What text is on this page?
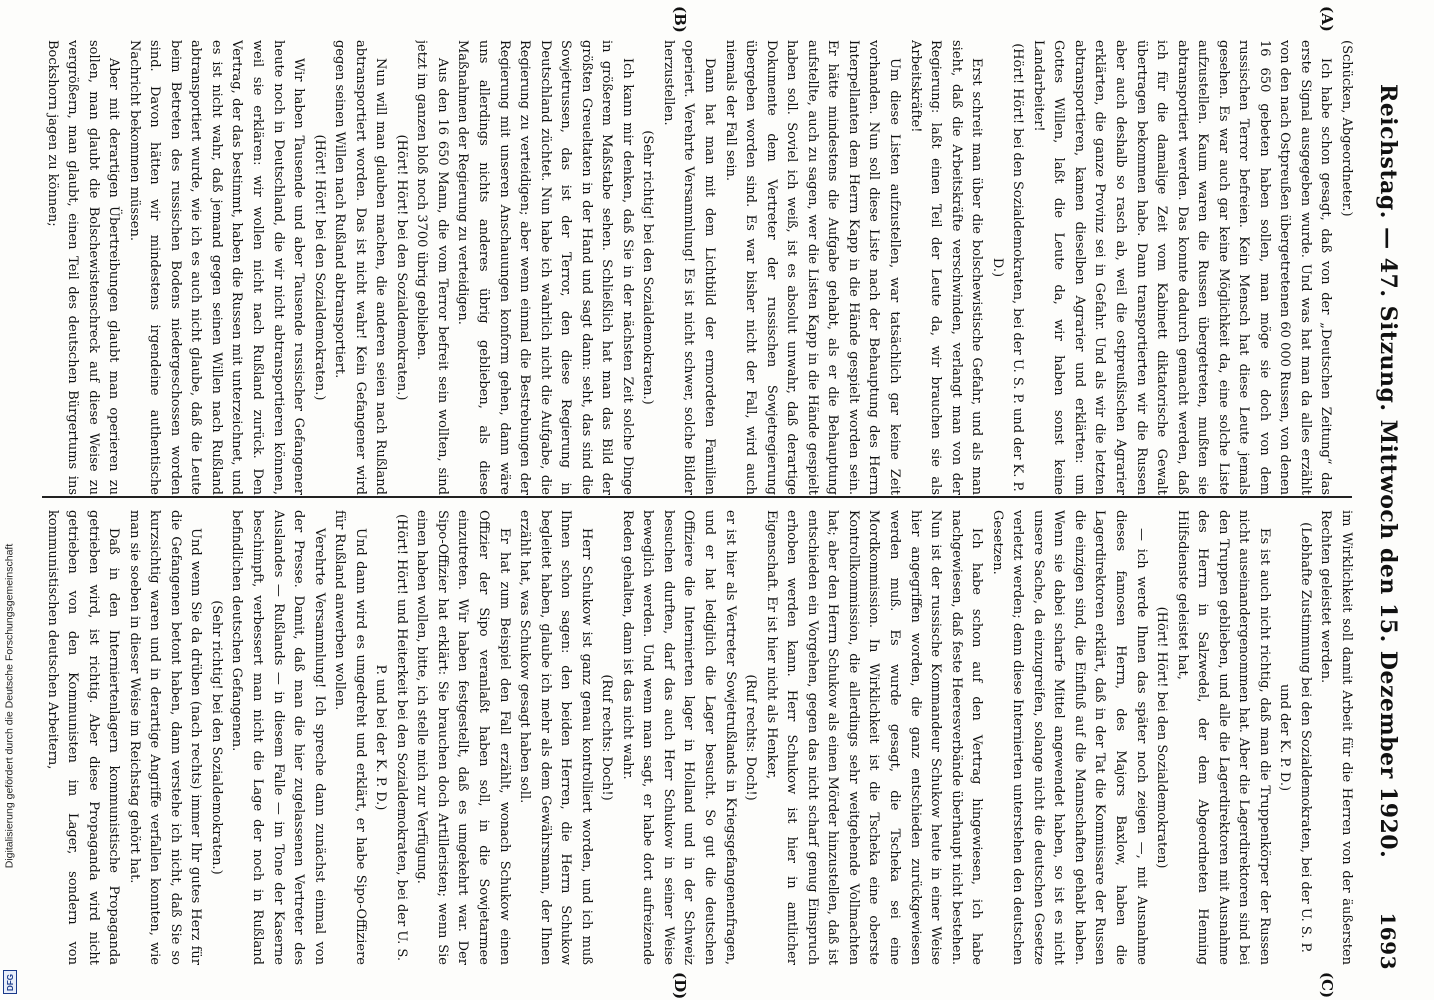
Reichstag. — 47. Sitzung. Mittwoch den 15. Dezember 1920.
1693
(A)
(B)
(C)
(D)

(Schücken, Abgeordneter.)

Ich habe schon gesagt, daß von der „Deutschen Zeitung“ das erste Signal ausgegeben wurde. Und was hat man da alles erzählt von den nach Ostpreußen übergetretenen 60 000 Russen, von denen 16 650 gebeten haben sollen, man möge sie doch von dem russischen Terror befreien. Kein Mensch hat diese Leute jemals gesehen. Es war auch gar keine Möglichkeit da, eine solche Liste aufzustellen. Kaum waren die Russen übergetreten, mußten sie abtransportiert werden. Das konnte dadurch gemacht werden, daß ich für die damalige Zeit vom Kabinett diktatorische Gewalt übertragen bekommen habe. Dann transportierten wir die Russen aber auch deshalb so rasch ab, weil die ostpreußischen Agrarier erklärten, die ganze Provinz sei in Gefahr. Und als wir die letzten abtransportieren, kamen dieselben Agrarier und erklärten: um Gottes Willen, laßt die Leute da, wir haben sonst keine Landarbeiter!

(Hört! Hört! bei den Sozialdemokraten, bei der U. S. P. und der K. P. D.)

Erst schreit man über die bolschewistische Gefahr, und als man sieht, daß die Arbeitskräfte verschwinden, verlangt man von der Regierung: laßt einen Teil der Leute da, wir brauchen sie als Arbeitskräfte!

Um diese Listen aufzustellen, war tatsächlich gar keine Zeit vorhanden. Nun soll diese Liste nach der Behauptung des Herrn Interpellanten dem Herrn Kapp in die Hände gespielt worden sein. Er hätte mindestens die Aufgabe gehabt, als er die Behauptung aufstellte, auch zu sagen, wer die Listen Kapp in die Hände gespielt haben soll. Soviel ich weiß, ist es absolut unwahr, daß derartige Dokumente dem Vertreter der russischen Sowjetregierung übergeben worden sind. Es war bisher nicht der Fall, wird auch niemals der Fall sein.

Dann hat man mit dem Lichtbild der ermordeten Familien operiert. Verehrte Versammlung! Es ist nicht schwer, solche Bilder herzustellen.

(Sehr richtig! bei den Sozialdemokraten.)

Ich kann mir denken, daß Sie in der nächsten Zeit solche Dinge in größerem Maßstabe sehen. Schließlich hat man das Bild der größten Greueltaten in der Hand und sagt dann: seht, das sind die Sowjetrussen, das ist der Terror, den diese Regierung in Deutschland züchtet. Nun habe ich wahrlich nicht die Aufgabe, die Regierung zu verteidigen; aber wenn einmal die Bestrebungen der Regierung mit unseren Anschauungen konform gehen, dann wäre uns allerdings nichts anderes übrig geblieben, als diese Maßnahmen der Regierung zu verteidigen.

Aus den 16 650 Mann, die vom Terror befreit sein wollten, sind jetzt im ganzen bloß noch 3700 übrig geblieben.

(Hört! Hört! bei den Sozialdemokraten.)

Nun will man glauben machen, die anderen seien nach Rußland abtransportiert worden. Das ist nicht wahr! Kein Gefangener wird gegen seinen Willen nach Rußland abtransportiert.

(Hört! Hört! bei den Sozialdemokraten.)

Wir haben Tausende und aber Tausende russischer Gefangener heute noch in Deutschland, die wir nicht abtransportieren können, weil sie erklären: wir wollen nicht nach Rußland zurück. Den Vertrag, der das bestimmt, haben die Russen mit unterzeichnet, und es ist nicht wahr, daß jemand gegen seinen Willen nach Rußland abtransportiert wurde, wie ich es auch nicht glaube, daß die Leute beim Betreten des russischen Bodens niedergeschossen worden sind. Davon hätten wir mindestens irgendeine authentische Nachricht bekommen müssen.

Aber mit derartigen Übertreibungen glaubt man operieren zu sollen, man glaubt die Bolschewistenschreck auf diese Weise zu vergrößern, man glaubt, einen Teil des deutschen Bürgertums ins Bockshorn jagen zu können;

im Wirklichkeit soll damit Arbeit für die Herren von der äußersten Rechten geleistet werden.

(Lebhafte Zustimmung bei den Sozialdemokraten, bei der U. S. P. und der K. P. D.)

Es ist auch nicht richtig, daß man die Truppenkörper der Russen nicht auseinandergenommen hat. Aber die Lagerdirektoren sind bei den Truppen geblieben, und alle die Lagerdirektoren mit Ausnahme des Herrn in Salzwedel, der dem Abgeordneten Henning Hilfsdienste geleistet hat,

(Hört! Hört! bei den Sozialdemokraten)

— ich werde Ihnen das später noch zeigen —, mit Ausnahme dieses famosen Herrn, des Majors Baxlow, haben die Lagerdirektoren erklärt, daß in der Tat die Kommissare der Russen die einzigen sind, die Einfluß auf die Mannschaften gehabt haben. Wenn sie dabei scharfe Mittel angewendet haben, so ist es nicht unsere Sache, da einzugreifen, solange nicht die deutschen Gesetze verletzt werden; denn diese Internierten unterstehen den deutschen Gesetzen.

Ich habe schon auf den Vertrag hingewiesen, ich habe nachgewiesen, daß feste Heeresverbände überhaupt nicht bestehen. Nun ist der russische Kommandeur Schukow heute in einer Weise hier angegriffen worden, die ganz entschieden zurückgewiesen werden muß. Es wurde gesagt, die Tscheka sei eine Mordkommission. In Wirklichkeit ist die Tscheka eine oberste Kontrollkommission, die allerdings sehr weitgehende Vollmachten hat; aber den Herrn Schukow als einen Mörder hinzustellen, daß ist entschieden ein Vorgehen, gegen das nicht scharf genug Einspruch erhoben werden kann. Herr Schukow ist hier in amtlicher Eigenschaft. Er ist hier nicht als Henker,

(Ruf rechts: Doch!)

er ist hier als Vertreter Sowjetrußlands in Kriegsgefangenenfragen, und er hat lediglich die Lager besucht. So gut die deutschen Offiziere die Internierten lager in Holland und in der Schweiz besuchen durften, darf das auch Herr Schukow in seiner Weise beweglich werden. Und wenn man sagt, er habe dort aufreizende Reden gehalten, dann ist das nicht wahr.

(Ruf rechts: Doch!)

Herr Schukow ist ganz genau kontrolliert worden, und ich muß Ihnen schon sagen: den beiden Herren, die Herrn Schukow begleitet haben, glaube ich mehr als dem Gewährsmann, der Ihnen erzählt hat, was Schukow gesagt haben soll.

Er hat zum Beispiel den Fall erzählt, wonach Schukow einen Offizier der Sipo veranlaßt haben soll, in die Sowjetarmee einzutreten. Wir haben festgestellt, daß es umgekehrt war. Der Sipo-Offizier hat erklärt: Sie brauchen doch Artilleristen; wenn Sie einen haben wollen, bitte, ich stelle mich zur Verfügung.

(Hört! Hört! und Heiterkeit bei den Sozialdemokraten, bei der U. S. P. und bei der K. P. D.)

Und dann wird es umgedreht und erklärt, er habe Sipo-Offiziere für Rußland anwerben wollen.

Verehrte Versammlung! Ich spreche dann zunächst einmal von der Presse. Damit, daß man die hier zugelassenen Vertreter des Auslandes — Rußlands — in diesem Falle — im Tone der Kaserne beschimpft, verbessert man nicht die Lage der noch in Rußland befindlichen deutschen Gefangenen.

(Sehr richtig! bei den Sozialdemokraten.)

Und wenn Sie da drüben (nach rechts) immer Ihr gutes Herz für die Gefangenen betont haben, dann verstehe ich nicht, daß Sie so kurzsichtig waren und in derartige Angriffe verfallen konnten, wie man sie soeben in dieser Weise im Reichstag gehört hat.

Daß in den Interniertenlagern kommunistische Propaganda getrieben wird, ist richtig. Aber diese Propaganda wird nicht getrieben von den Kommunisten im Lager, sondern von kommunistischen deutschen Arbeitern,

Digitalisierung gefördert durch die Deutsche Forschungsgemeinschaft
DFG
